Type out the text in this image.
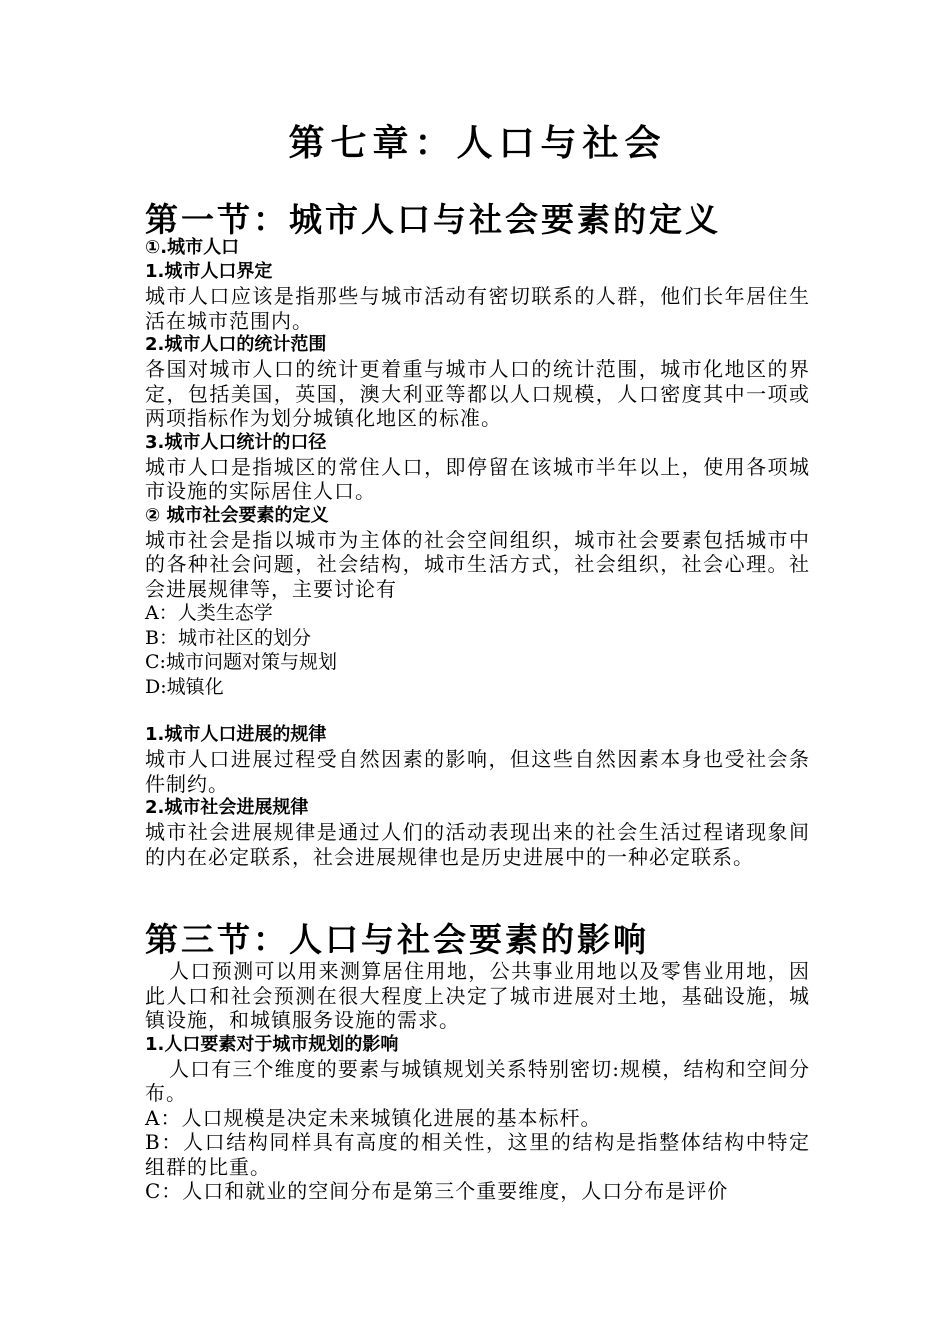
第七章：人口与社会
第一节：城市人口与社会要素的定义
①.城市人口
1.城市人口界定
城市人口应该是指那些与城市活动有密切联系的人群，他们长年居住生活在城市范围内。
2.城市人口的统计范围
各国对城市人口的统计更着重与城市人口的统计范围，城市化地区的界定，包括美国，英国，澳大利亚等都以人口规模，人口密度其中一项或两项指标作为划分城镇化地区的标准。
3.城市人口统计的口径
城市人口是指城区的常住人口，即停留在该城市半年以上，使用各项城市设施的实际居住人口。
② 城市社会要素的定义
城市社会是指以城市为主体的社会空间组织，城市社会要素包括城市中的各种社会问题，社会结构，城市生活方式，社会组织，社会心理。社会进展规律等，主要讨论有
A：人类生态学
B：城市社区的划分
C:城市问题对策与规划
D:城镇化
1.城市人口进展的规律
城市人口进展过程受自然因素的影响，但这些自然因素本身也受社会条件制约。
2.城市社会进展规律
城市社会进展规律是通过人们的活动表现出来的社会生活过程诸现象间的内在必定联系，社会进展规律也是历史进展中的一种必定联系。
第三节：人口与社会要素的影响
人口预测可以用来测算居住用地，公共事业用地以及零售业用地，因此人口和社会预测在很大程度上决定了城市进展对土地，基础设施，城镇设施，和城镇服务设施的需求。
1.人口要素对于城市规划的影响
人口有三个维度的要素与城镇规划关系特别密切:规模，结构和空间分布。
A：人口规模是决定未来城镇化进展的基本标杆。
B：人口结构同样具有高度的相关性，这里的结构是指整体结构中特定组群的比重。
C：人口和就业的空间分布是第三个重要维度，人口分布是评价
